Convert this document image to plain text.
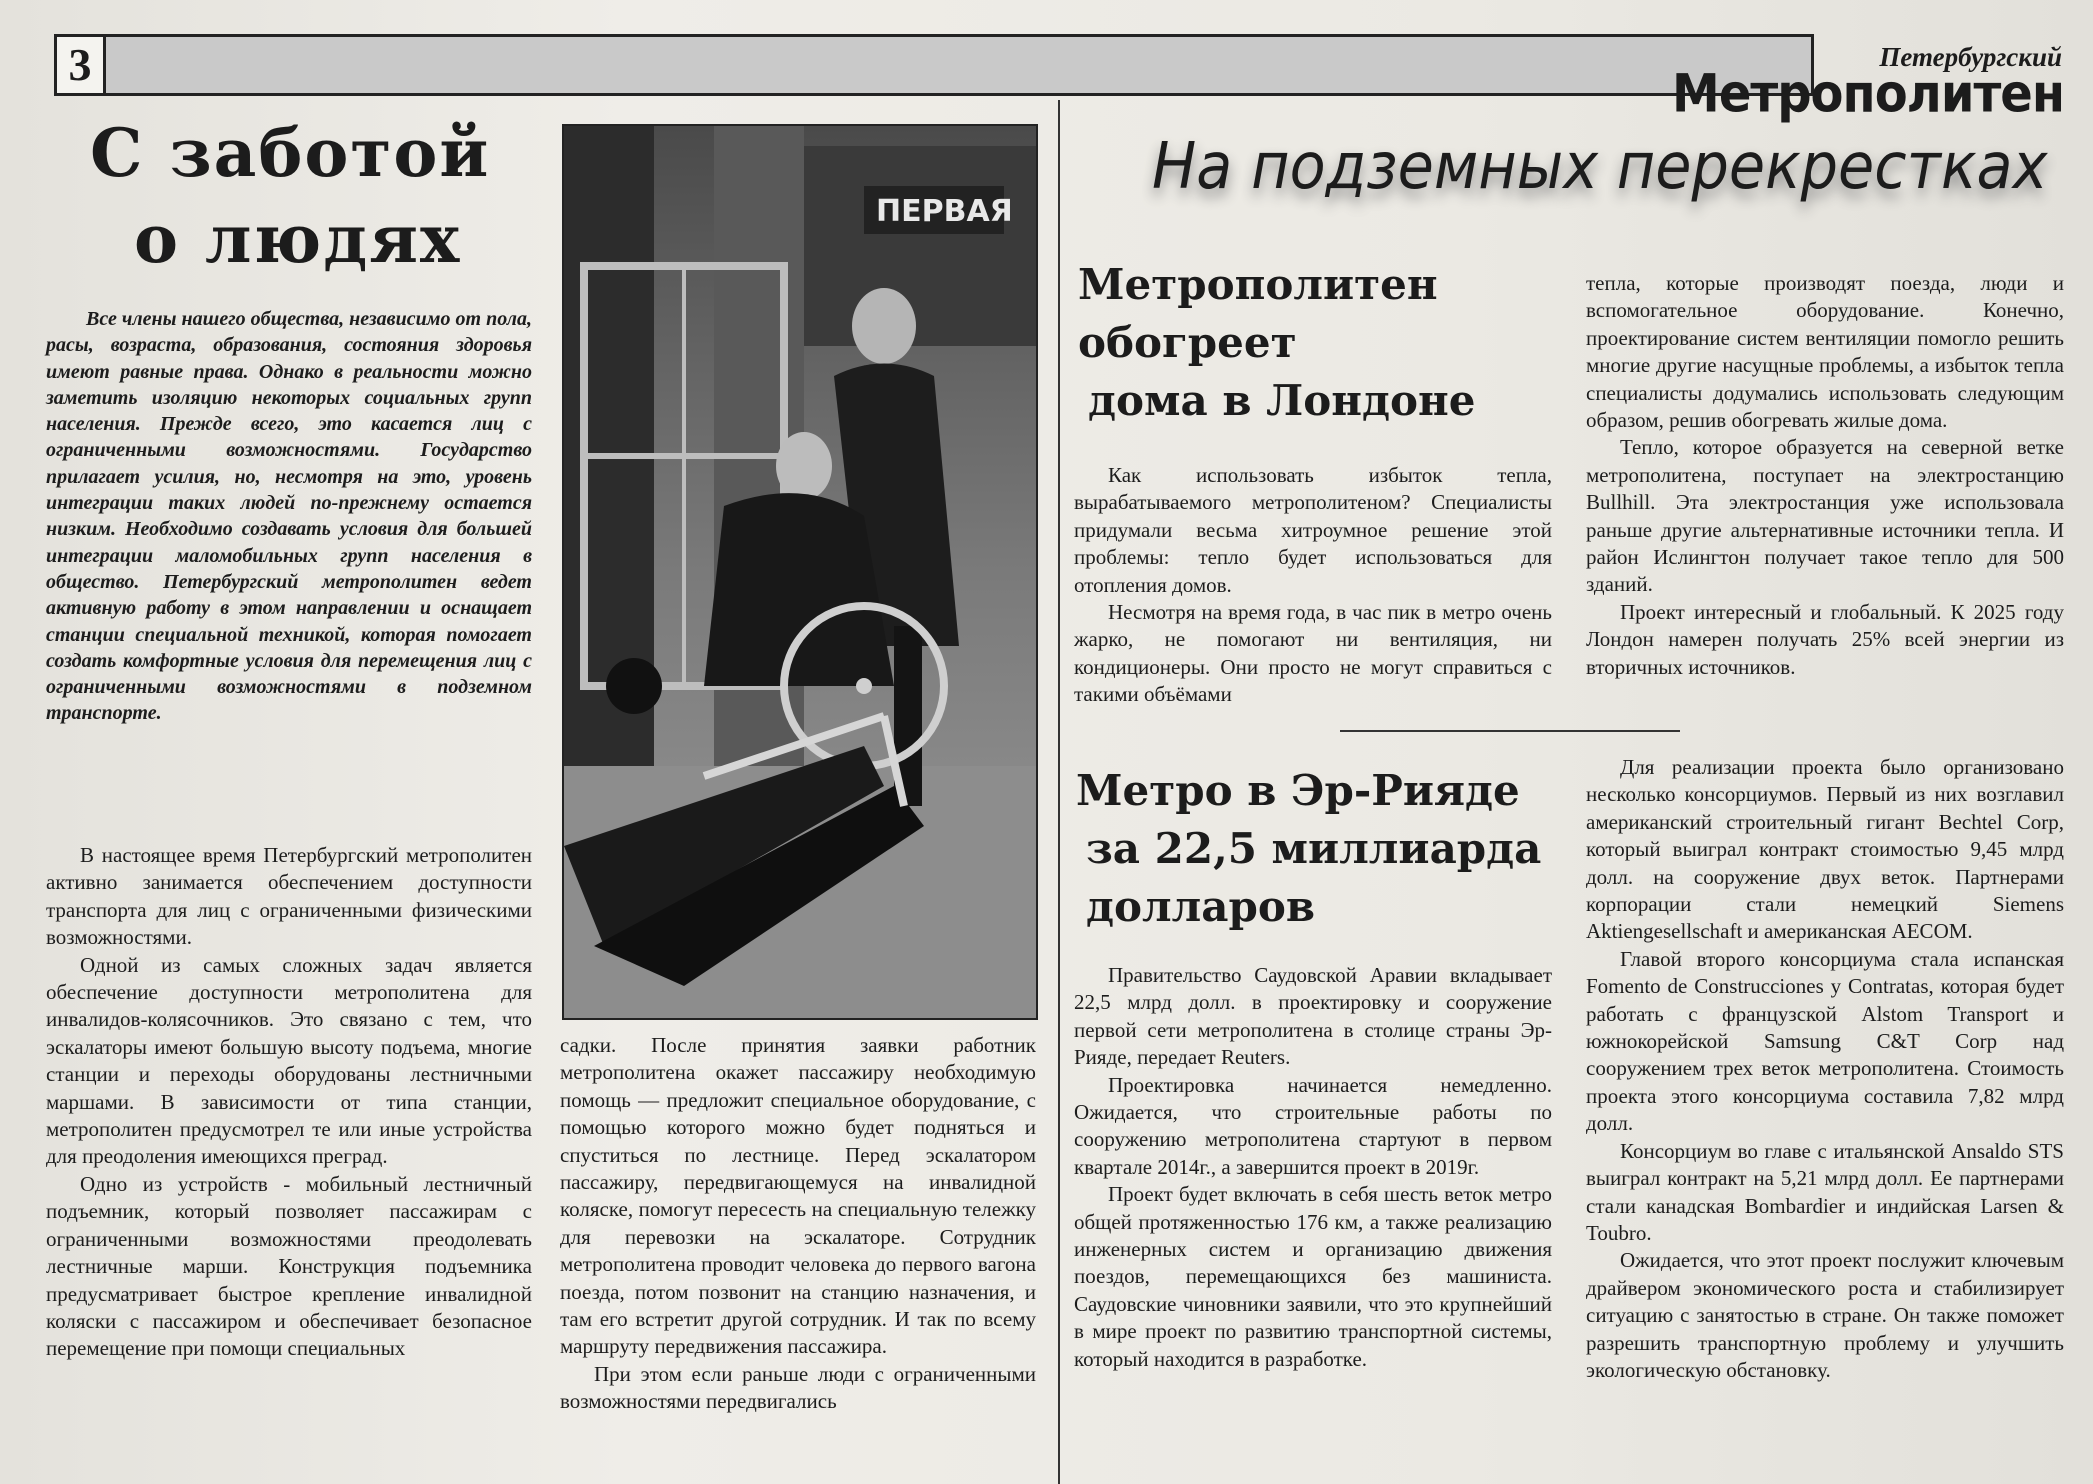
3	Петербургский
Метрополитен
С заботой
о людях
Все члены нашего общества, независимо от пола, расы, возраста, образования, состояния здоровья имеют равные права. Однако в реальности можно заметить изоляцию некоторых социальных групп населения. Прежде всего, это касается лиц с ограниченными возможностями. Государство прилагает усилия, но, несмотря на это, уровень интеграции таких людей по-прежнему остается низким. Необходимо создавать условия для большей интеграции маломобильных групп населения в общество. Петербургский метрополитен ведет активную работу в этом направлении и оснащает станции специальной техникой, которая помогает создать комфортные условия для перемещения лиц с ограниченными возможностями в подземном транспорте.

В настоящее время Петербургский метрополитен активно занимается обеспечением доступности транспорта для лиц с ограниченными физическими возможностями.

Одной из самых сложных задач является обеспечение доступности метрополитена для инвалидов-колясочников. Это связано с тем, что эскалаторы имеют большую высоту подъема, многие станции и переходы оборудованы лестничными маршами. В зависимости от типа станции, метрополитен предусмотрел те или иные устройства для преодоления имеющихся преград.

Одно из устройств - мобильный лестничный подъемник, который позволяет пассажирам с ограниченными возможностями преодолевать лестничные марши. Конструкция подъемника предусматривает быстрое крепление инвалидной коляски с пассажиром и обеспечивает безопасное перемещение при помощи специальных

ПЕРВАЯ

садки. После принятия заявки работник метрополитена окажет пассажиру необходимую помощь — предложит специальное оборудование, с помощью которого можно будет подняться и спуститься по лестнице. Перед эскалатором пассажиру, передвигающемуся на инвалидной коляске, помогут пересесть на специальную тележку для перевозки на эскалаторе. Сотрудник метрополитена проводит человека до первого вагона поезда, потом позвонит на станцию назначения, и там его встретит другой сотрудник. И так по всему маршруту передвижения пассажира.

При этом если раньше люди с ограниченными возможностями передвигались

На подземных перекрестках
Метрополитен
обогреет
дома в Лондоне

Как использовать избыток тепла, вырабатываемого метрополитеном? Специалисты придумали весьма хитроумное решение этой проблемы: тепло будет использоваться для отопления домов.

Несмотря на время года, в час пик в метро очень жарко, не помогают ни вентиляция, ни кондиционеры. Они просто не могут справиться с такими объёмами

тепла, которые производят поезда, люди и вспомогательное оборудование. Конечно, проектирование систем вентиляции помогло решить многие другие насущные проблемы, а избыток тепла специалисты додумались использовать следующим образом, решив обогревать жилые дома.

Тепло, которое образуется на северной ветке метрополитена, поступает на электростанцию Bullhill. Эта электростанция уже использовала раньше другие альтернативные источники тепла. И район Ислингтон получает такое тепло для 500 зданий.

Проект интересный и глобальный. К 2025 году Лондон намерен получать 25% всей энергии из вторичных источников.

Метро в Эр-Рияде
за 22,5 миллиарда
долларов

Правительство Саудовской Аравии вкладывает 22,5 млрд долл. в проектировку и сооружение первой сети метрополитена в столице страны Эр-Рияде, передает Reuters.

Проектировка начинается немедленно. Ожидается, что строительные работы по сооружению метрополитена стартуют в первом квартале 2014г., а завершится проект в 2019г.

Проект будет включать в себя шесть веток метро общей протяженностью 176 км, а также реализацию инженерных систем и организацию движения поездов, перемещающихся без машиниста. Саудовские чиновники заявили, что это крупнейший в мире проект по развитию транспортной системы, который находится в разработке.

Для реализации проекта было организовано несколько консорциумов. Первый из них возглавил американский строительный гигант Bechtel Corp, который выиграл контракт стоимостью 9,45 млрд долл. на сооружение двух веток. Партнерами корпорации стали немецкий Siemens Aktiengesellschaft и американская AECOM.

Главой второго консорциума стала испанская Fomento de Construcciones y Contratas, которая будет работать с французской Alstom Transport и южнокорейской Samsung C&T Corp над сооружением трех веток метрополитена. Стоимость проекта этого консорциума составила 7,82 млрд долл.

Консорциум во главе с итальянской Ansaldo STS выиграл контракт на 5,21 млрд долл. Ее партнерами стали канадская Bombardier и индийская Larsen & Toubro.

Ожидается, что этот проект послужит ключевым драйвером экономического роста и стабилизирует ситуацию с занятостью в стране. Он также поможет разрешить транспортную проблему и улучшить экологическую обстановку.
